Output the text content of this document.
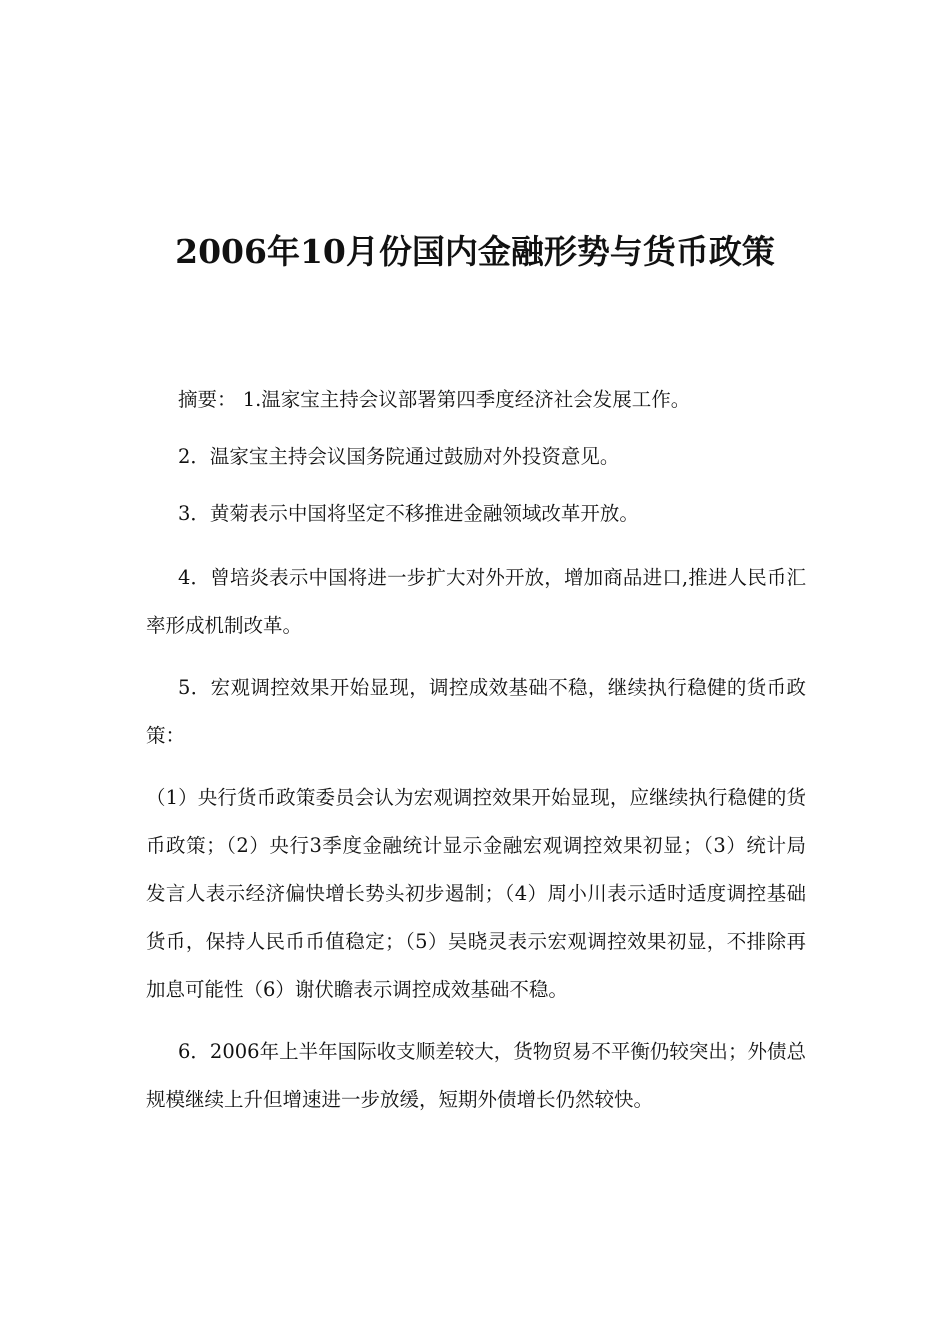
2006年10月份国内金融形势与货币政策

摘要： 1.温家宝主持会议部署第四季度经济社会发展工作。

2．温家宝主持会议国务院通过鼓励对外投资意见。

3．黄菊表示中国将坚定不移推进金融领域改革开放。

4．曾培炎表示中国将进一步扩大对外开放，增加商品进口,推进人民币汇率形成机制改革。

5．宏观调控效果开始显现，调控成效基础不稳，继续执行稳健的货币政策：

（1）央行货币政策委员会认为宏观调控效果开始显现，应继续执行稳健的货币政策；（2）央行3季度金融统计显示金融宏观调控效果初显；（3）统计局发言人表示经济偏快增长势头初步遏制；（4）周小川表示适时适度调控基础货币，保持人民币币值稳定；（5）吴晓灵表示宏观调控效果初显，不排除再加息可能性（6）谢伏瞻表示调控成效基础不稳。

6．2006年上半年国际收支顺差较大，货物贸易不平衡仍较突出；外债总规模继续上升但增速进一步放缓，短期外债增长仍然较快。
